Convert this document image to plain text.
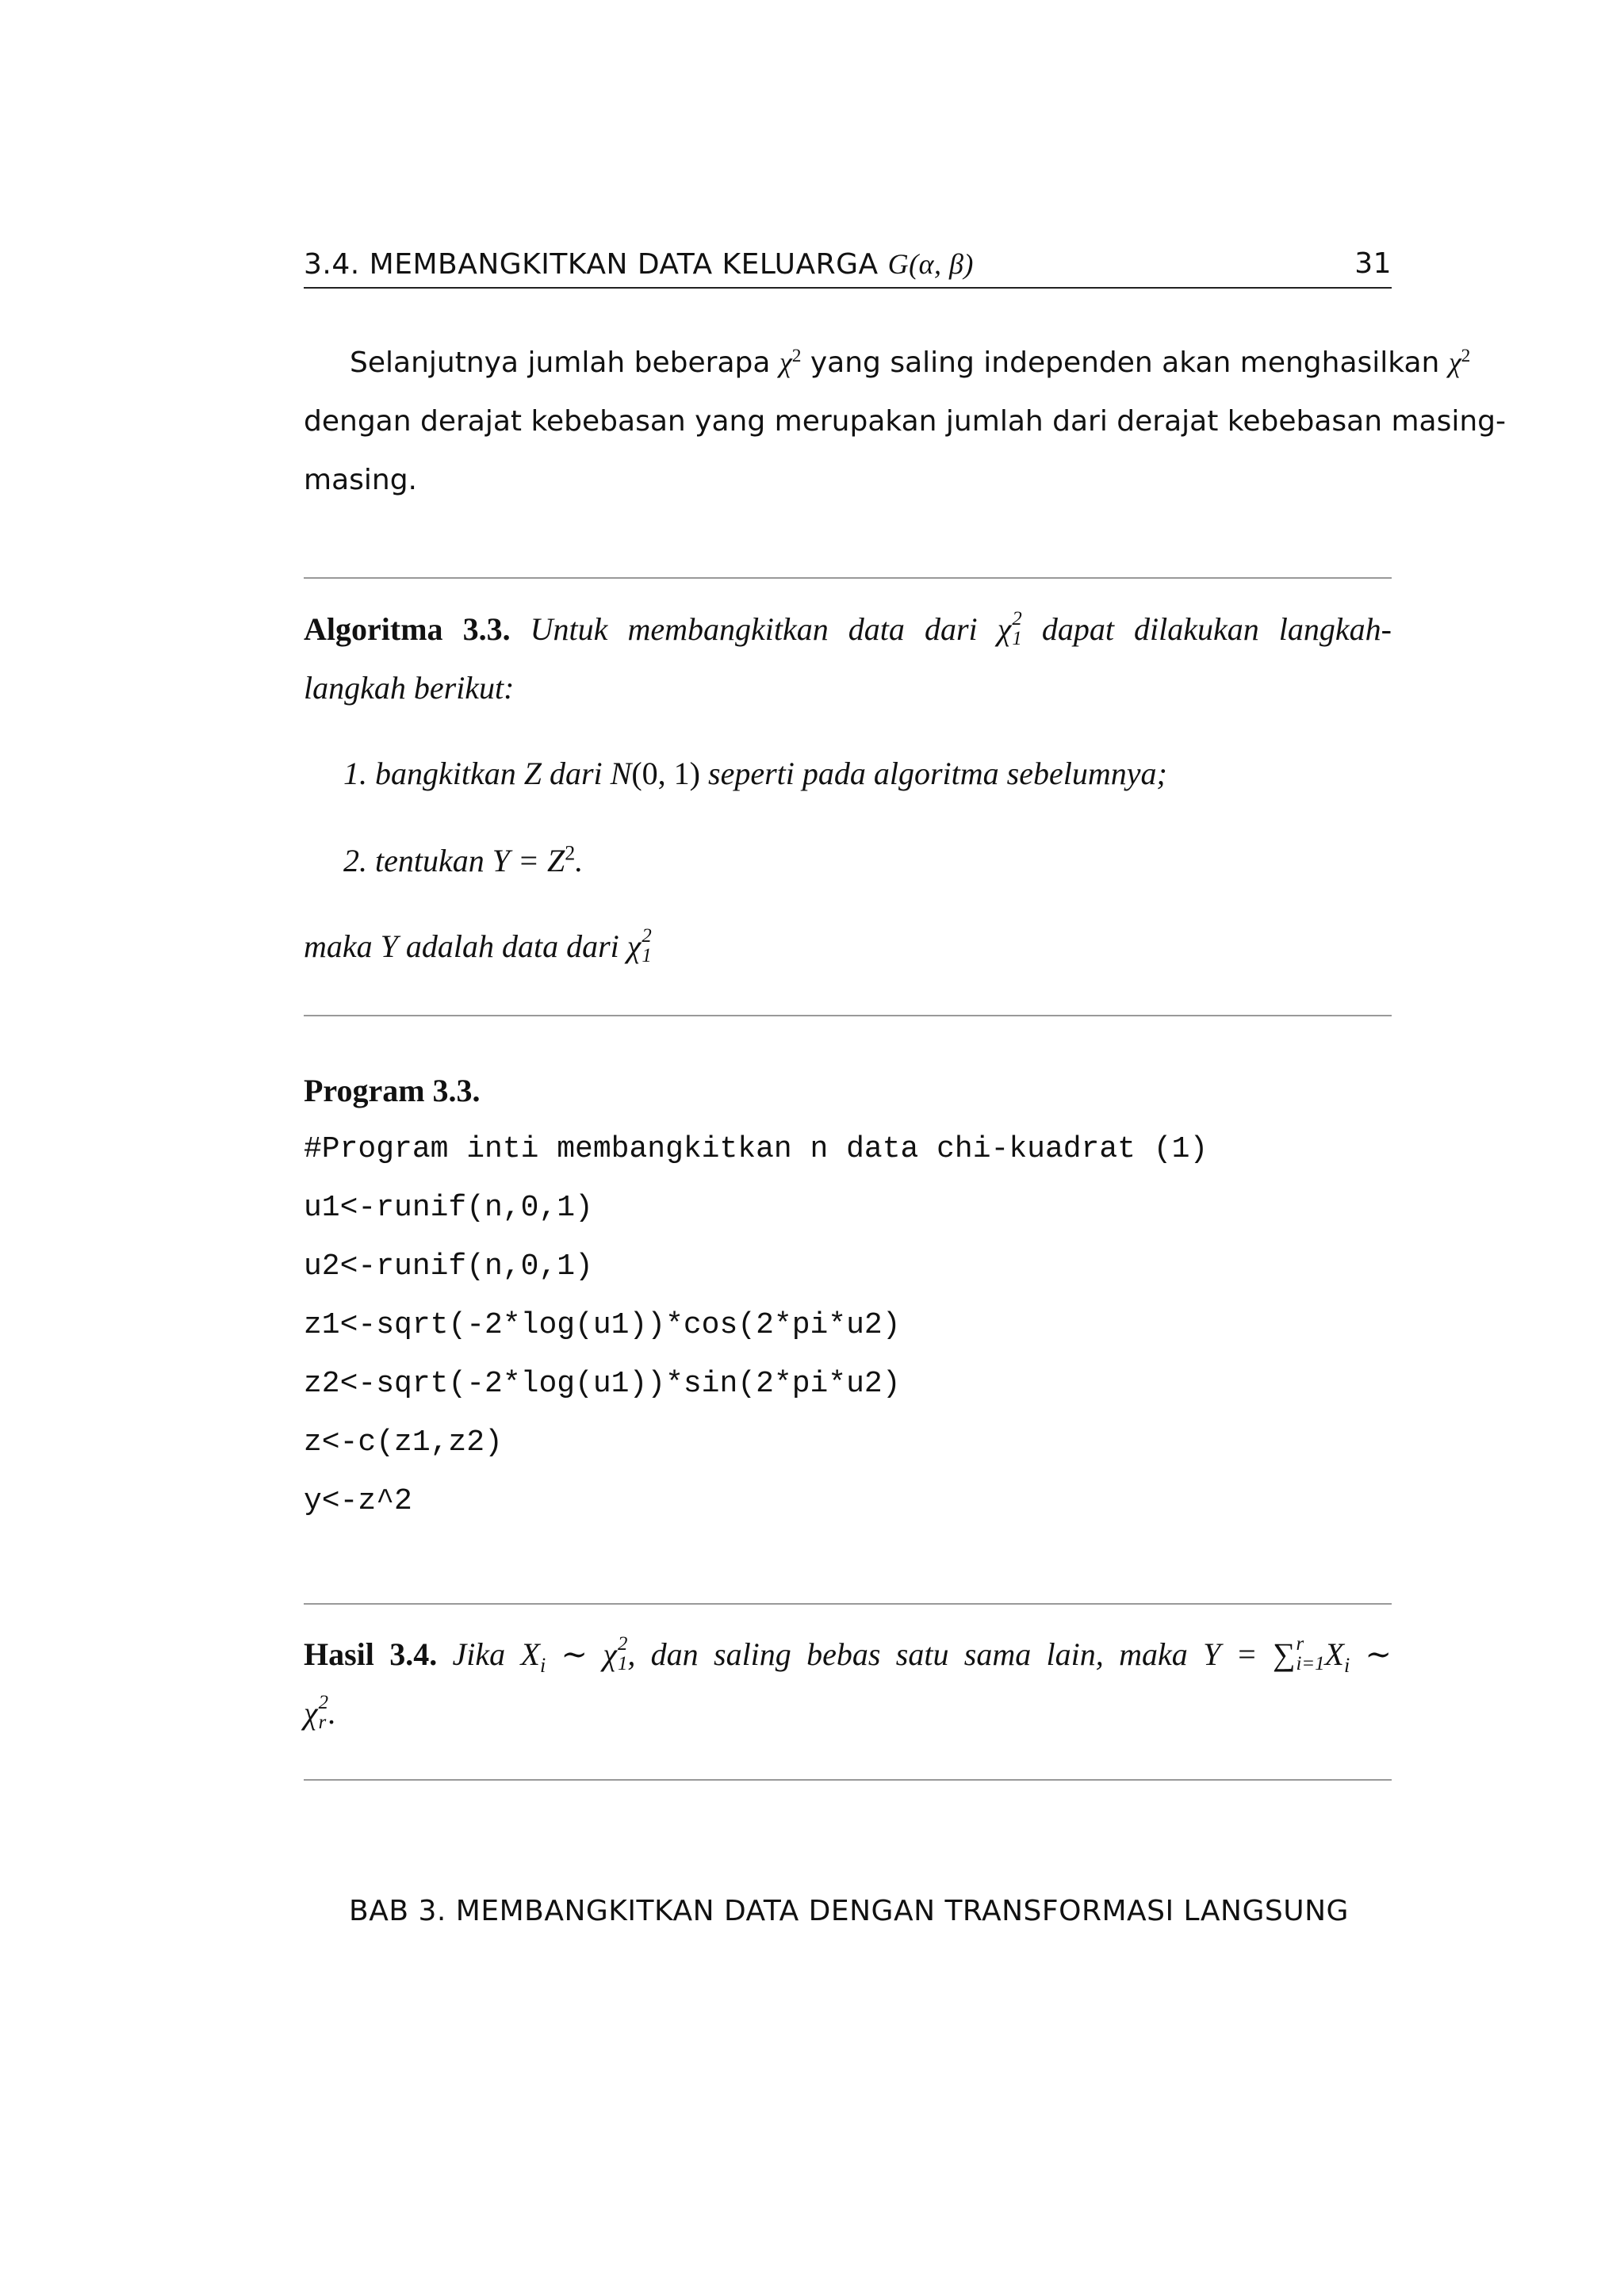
3.4. MEMBANGKITKAN DATA KELUARGA G(α, β)	31
Selanjutnya jumlah beberapa $\chi^2$ yang saling independen akan menghasilkan $\chi^2$
dengan derajat kebebasan yang merupakan jumlah dari derajat kebebasan masing-
masing.
Algoritma 3.3. Untuk membangkitkan data dari χ 2
1 dapat dilakukan langkah-
langkah berikut:
1. bangkitkan Z dari N(0, 1) seperti pada algoritma sebelumnya;
2. tentukan $Y = Z^2$.
maka Y adalah data dari χ 2
1
Program 3.3.
#Program inti membangkitkan n data chi-kuadrat (1)
u1<-runif(n,0,1)
u2<-runif(n,0,1)
z1<-sqrt(-2*log(u1))*cos(2*pi*u2)
z2<-sqrt(-2*log(u1))*sin(2*pi*u2)
z<-c(z1,z2)
y<-z^2
Hasil 3.4. Jika $X_i$ ∼ χ 2
1 , dan saling bebas satu sama lain, maka Y = ∑ r
i=1 $X_i$ ∼
χ 2
r .
BAB 3. MEMBANGKITKAN DATA DENGAN TRANSFORMASI LANGSUNG
